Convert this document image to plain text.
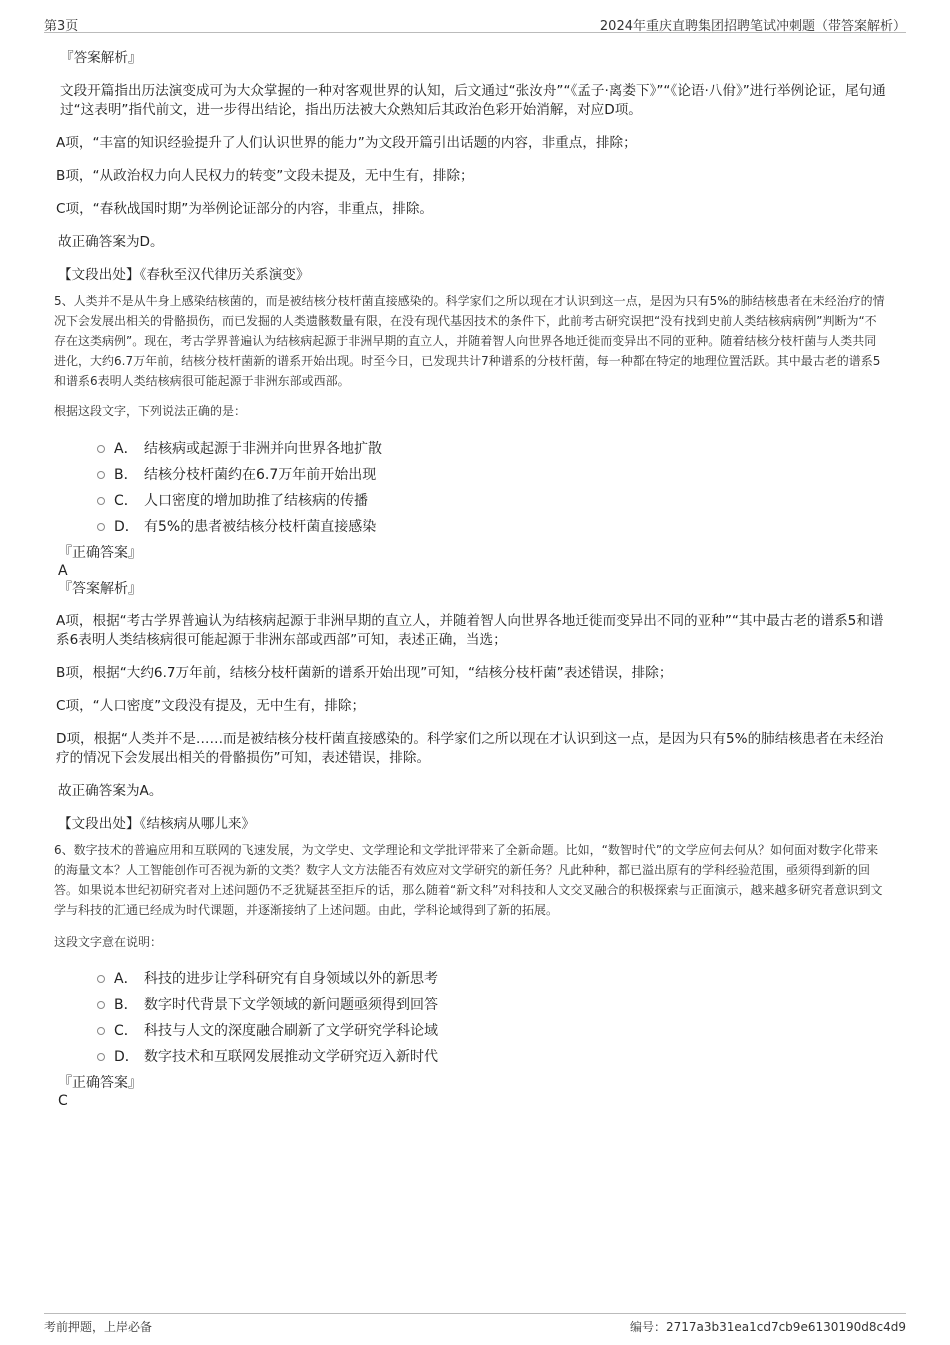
第3页	2024年重庆直聘集团招聘笔试冲刺题（带答案解析）

『答案解析』

文段开篇指出历法演变成可为大众掌握的一种对客观世界的认知，后文通过“张汝舟”“《孟子·离娄下》”“《论语·八佾》”进行举例论证，尾句通过“这表明”指代前文，进一步得出结论，指出历法被大众熟知后其政治色彩开始消解，对应D项。

A项，“丰富的知识经验提升了人们认识世界的能力”为文段开篇引出话题的内容，非重点，排除；

B项，“从政治权力向人民权力的转变”文段未提及，无中生有，排除；

C项，“春秋战国时期”为举例论证部分的内容，非重点，排除。

故正确答案为D。

【文段出处】《春秋至汉代律历关系演变》

5、人类并不是从牛身上感染结核菌的，而是被结核分枝杆菌直接感染的。科学家们之所以现在才认识到这一点，是因为只有5%的肺结核患者在未经治疗的情况下会发展出相关的骨骼损伤，而已发掘的人类遗骸数量有限，在没有现代基因技术的条件下，此前考古研究误把“没有找到史前人类结核病病例”判断为“不存在这类病例”。现在，考古学界普遍认为结核病起源于非洲早期的直立人，并随着智人向世界各地迁徙而变异出不同的亚种。随着结核分枝杆菌与人类共同进化，大约6.7万年前，结核分枝杆菌新的谱系开始出现。时至今日，已发现共计7种谱系的分枝杆菌，每一种都在特定的地理位置活跃。其中最古老的谱系5和谱系6表明人类结核病很可能起源于非洲东部或西部。

根据这段文字，下列说法正确的是：

A． 结核病或起源于非洲并向世界各地扩散
B． 结核分枝杆菌约在6.7万年前开始出现
C． 人口密度的增加助推了结核病的传播
D． 有5%的患者被结核分枝杆菌直接感染

『正确答案』

A

『答案解析』

A项，根据“考古学界普遍认为结核病起源于非洲早期的直立人，并随着智人向世界各地迁徙而变异出不同的亚种”“其中最古老的谱系5和谱系6表明人类结核病很可能起源于非洲东部或西部”可知，表述正确，当选；

B项，根据“大约6.7万年前，结核分枝杆菌新的谱系开始出现”可知，“结核分枝杆菌”表述错误，排除；

C项，“人口密度”文段没有提及，无中生有，排除；

D项，根据“人类并不是……而是被结核分枝杆菌直接感染的。科学家们之所以现在才认识到这一点，是因为只有5%的肺结核患者在未经治疗的情况下会发展出相关的骨骼损伤”可知，表述错误，排除。

故正确答案为A。

【文段出处】《结核病从哪儿来》

6、数字技术的普遍应用和互联网的飞速发展，为文学史、文学理论和文学批评带来了全新命题。比如，“数智时代”的文学应何去何从？如何面对数字化带来的海量文本？人工智能创作可否视为新的文类？数字人文方法能否有效应对文学研究的新任务？凡此种种，都已溢出原有的学科经验范围，亟须得到新的回答。如果说本世纪初研究者对上述问题仍不乏犹疑甚至拒斥的话，那么随着“新文科”对科技和人文交叉融合的积极探索与正面演示，越来越多研究者意识到文学与科技的汇通已经成为时代课题，并逐渐接纳了上述问题。由此，学科论域得到了新的拓展。

这段文字意在说明：

A． 科技的进步让学科研究有自身领域以外的新思考
B． 数字时代背景下文学领域的新问题亟须得到回答
C． 科技与人文的深度融合刷新了文学研究学科论域
D． 数字技术和互联网发展推动文学研究迈入新时代

『正确答案』

C

考前押题，上岸必备	编号：2717a3b31ea1cd7cb9e6130190d8c4d9
